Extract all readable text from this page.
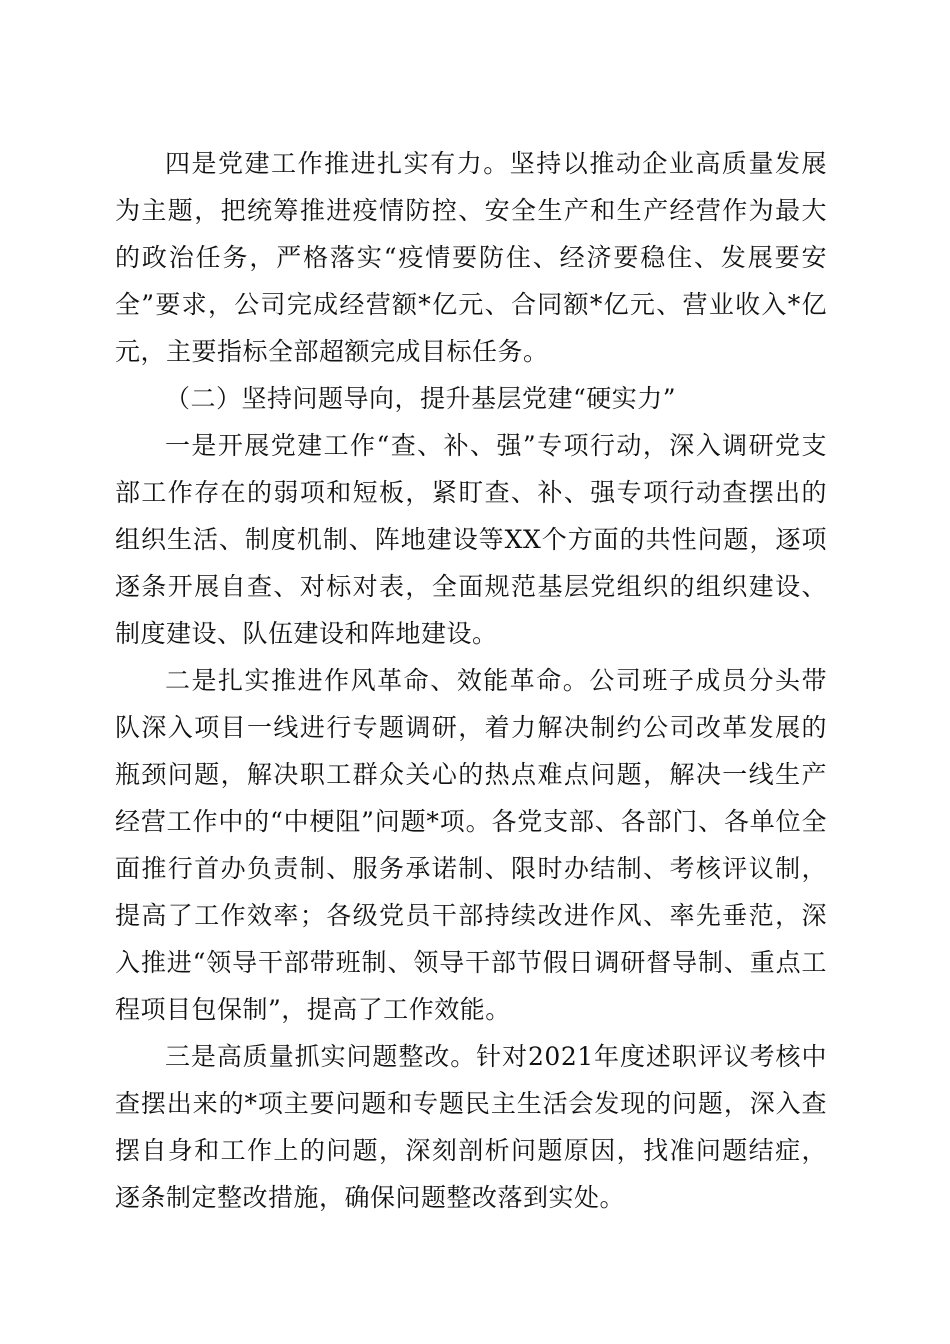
四是党建工作推进扎实有力。坚持以推动企业高质量发展为主题，把统筹推进疫情防控、安全生产和生产经营作为最大的政治任务，严格落实“疫情要防住、经济要稳住、发展要安全”要求，公司完成经营额*亿元、合同额*亿元、营业收入*亿元，主要指标全部超额完成目标任务。

（二）坚持问题导向，提升基层党建“硬实力”

一是开展党建工作“查、补、强”专项行动，深入调研党支部工作存在的弱项和短板，紧盯查、补、强专项行动查摆出的组织生活、制度机制、阵地建设等XX个方面的共性问题，逐项逐条开展自查、对标对表，全面规范基层党组织的组织建设、制度建设、队伍建设和阵地建设。

二是扎实推进作风革命、效能革命。公司班子成员分头带队深入项目一线进行专题调研，着力解决制约公司改革发展的瓶颈问题，解决职工群众关心的热点难点问题，解决一线生产经营工作中的“中梗阻”问题*项。各党支部、各部门、各单位全面推行首办负责制、服务承诺制、限时办结制、考核评议制，提高了工作效率；各级党员干部持续改进作风、率先垂范，深入推进“领导干部带班制、领导干部节假日调研督导制、重点工程项目包保制”，提高了工作效能。

三是高质量抓实问题整改。针对2021年度述职评议考核中查摆出来的*项主要问题和专题民主生活会发现的问题，深入查摆自身和工作上的问题，深刻剖析问题原因，找准问题结症，逐条制定整改措施，确保问题整改落到实处。
